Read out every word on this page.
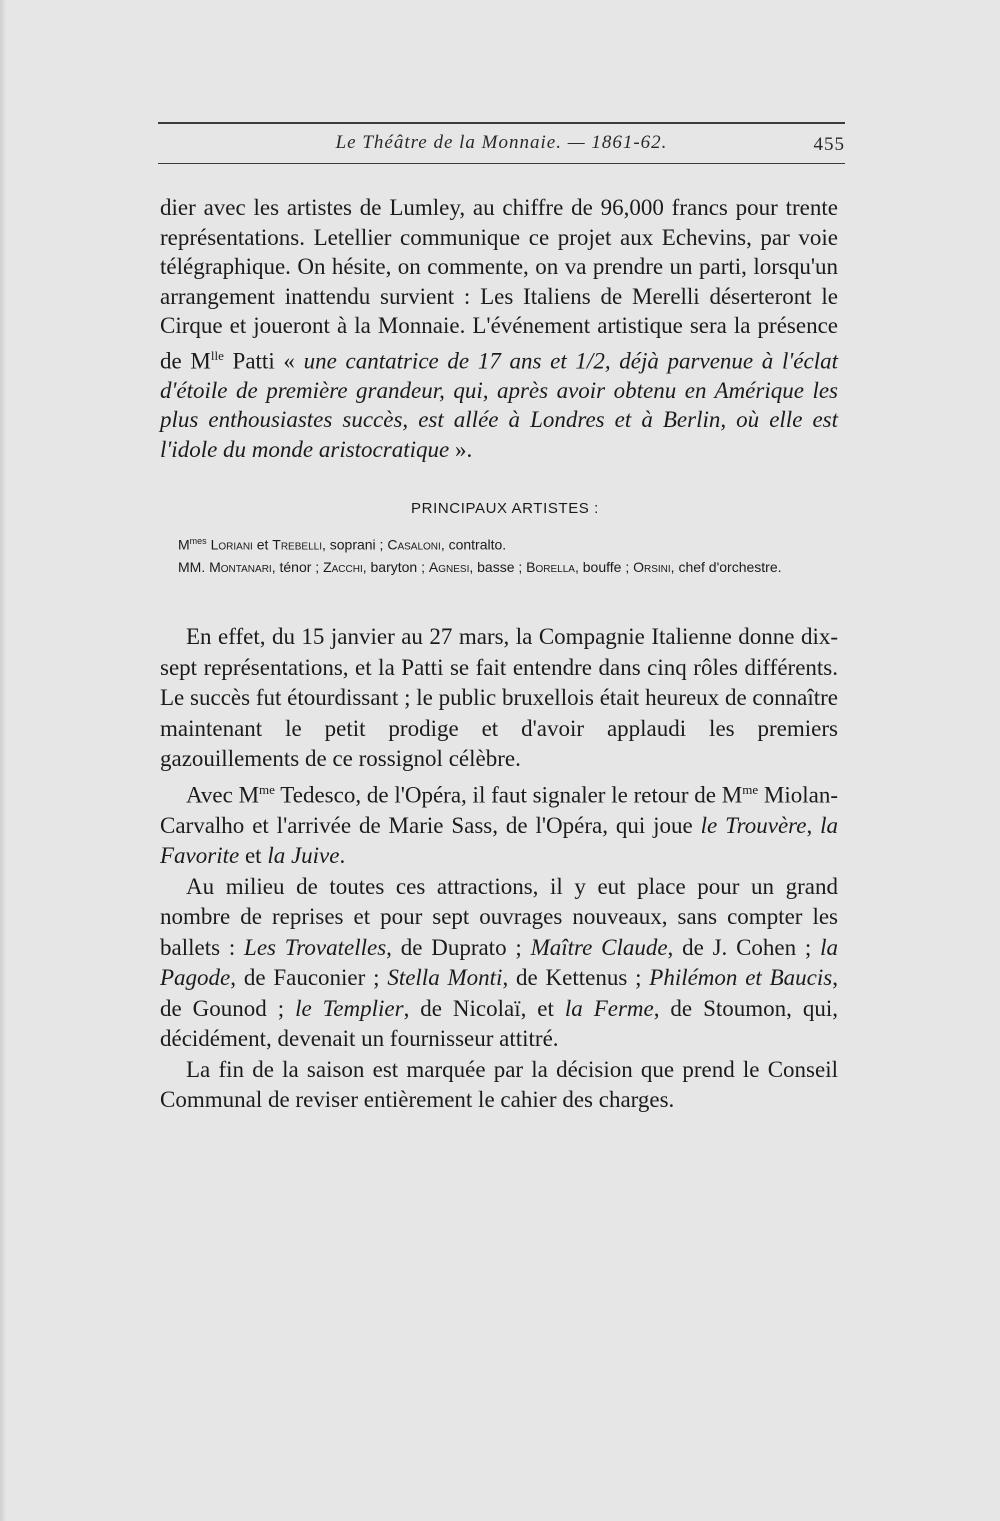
Le Théâtre de la Monnaie. — 1861-62.	455

dier avec les artistes de Lumley, au chiffre de 96,000 francs pour trente représentations. Letellier communique ce projet aux Echevins, par voie télégraphique. On hésite, on commente, on va prendre un parti, lorsqu'un arrangement inattendu survient : Les Italiens de Merelli déserteront le Cirque et joueront à la Monnaie. L'événement artistique sera la présence de $M^{lle}$ Patti « une cantatrice de 17 ans et 1/2, déjà parvenue à l'éclat d'étoile de première grandeur, qui, après avoir obtenu en Amérique les plus enthousiastes succès, est allée à Londres et à Berlin, où elle est l'idole du monde aristocratique ».

PRINCIPAUX ARTISTES :

$M^{mes}$ Loriani et Trebelli, soprani ; Casaloni, contralto.

MM. Montanari, ténor ; Zacchi, baryton ; Agnesi, basse ; Borella, bouffe ; Orsini, chef d'orchestre.

En effet, du 15 janvier au 27 mars, la Compagnie Italienne donne dix-sept représentations, et la Patti se fait entendre dans cinq rôles différents. Le succès fut étourdissant ; le public bruxellois était heureux de connaître maintenant le petit prodige et d'avoir applaudi les premiers gazouillements de ce rossignol célèbre.

Avec $M^{me}$ Tedesco, de l'Opéra, il faut signaler le retour de $M^{me}$ Miolan-Carvalho et l'arrivée de Marie Sass, de l'Opéra, qui joue le Trouvère, la Favorite et la Juive.

Au milieu de toutes ces attractions, il y eut place pour un grand nombre de reprises et pour sept ouvrages nouveaux, sans compter les ballets : Les Trovatelles, de Duprato ; Maître Claude, de J. Cohen ; la Pagode, de Fauconier ; Stella Monti, de Kettenus ; Philémon et Baucis, de Gounod ; le Templier, de Nicolaï, et la Ferme, de Stoumon, qui, décidément, devenait un fournisseur attitré.

La fin de la saison est marquée par la décision que prend le Conseil Communal de reviser entièrement le cahier des charges.
